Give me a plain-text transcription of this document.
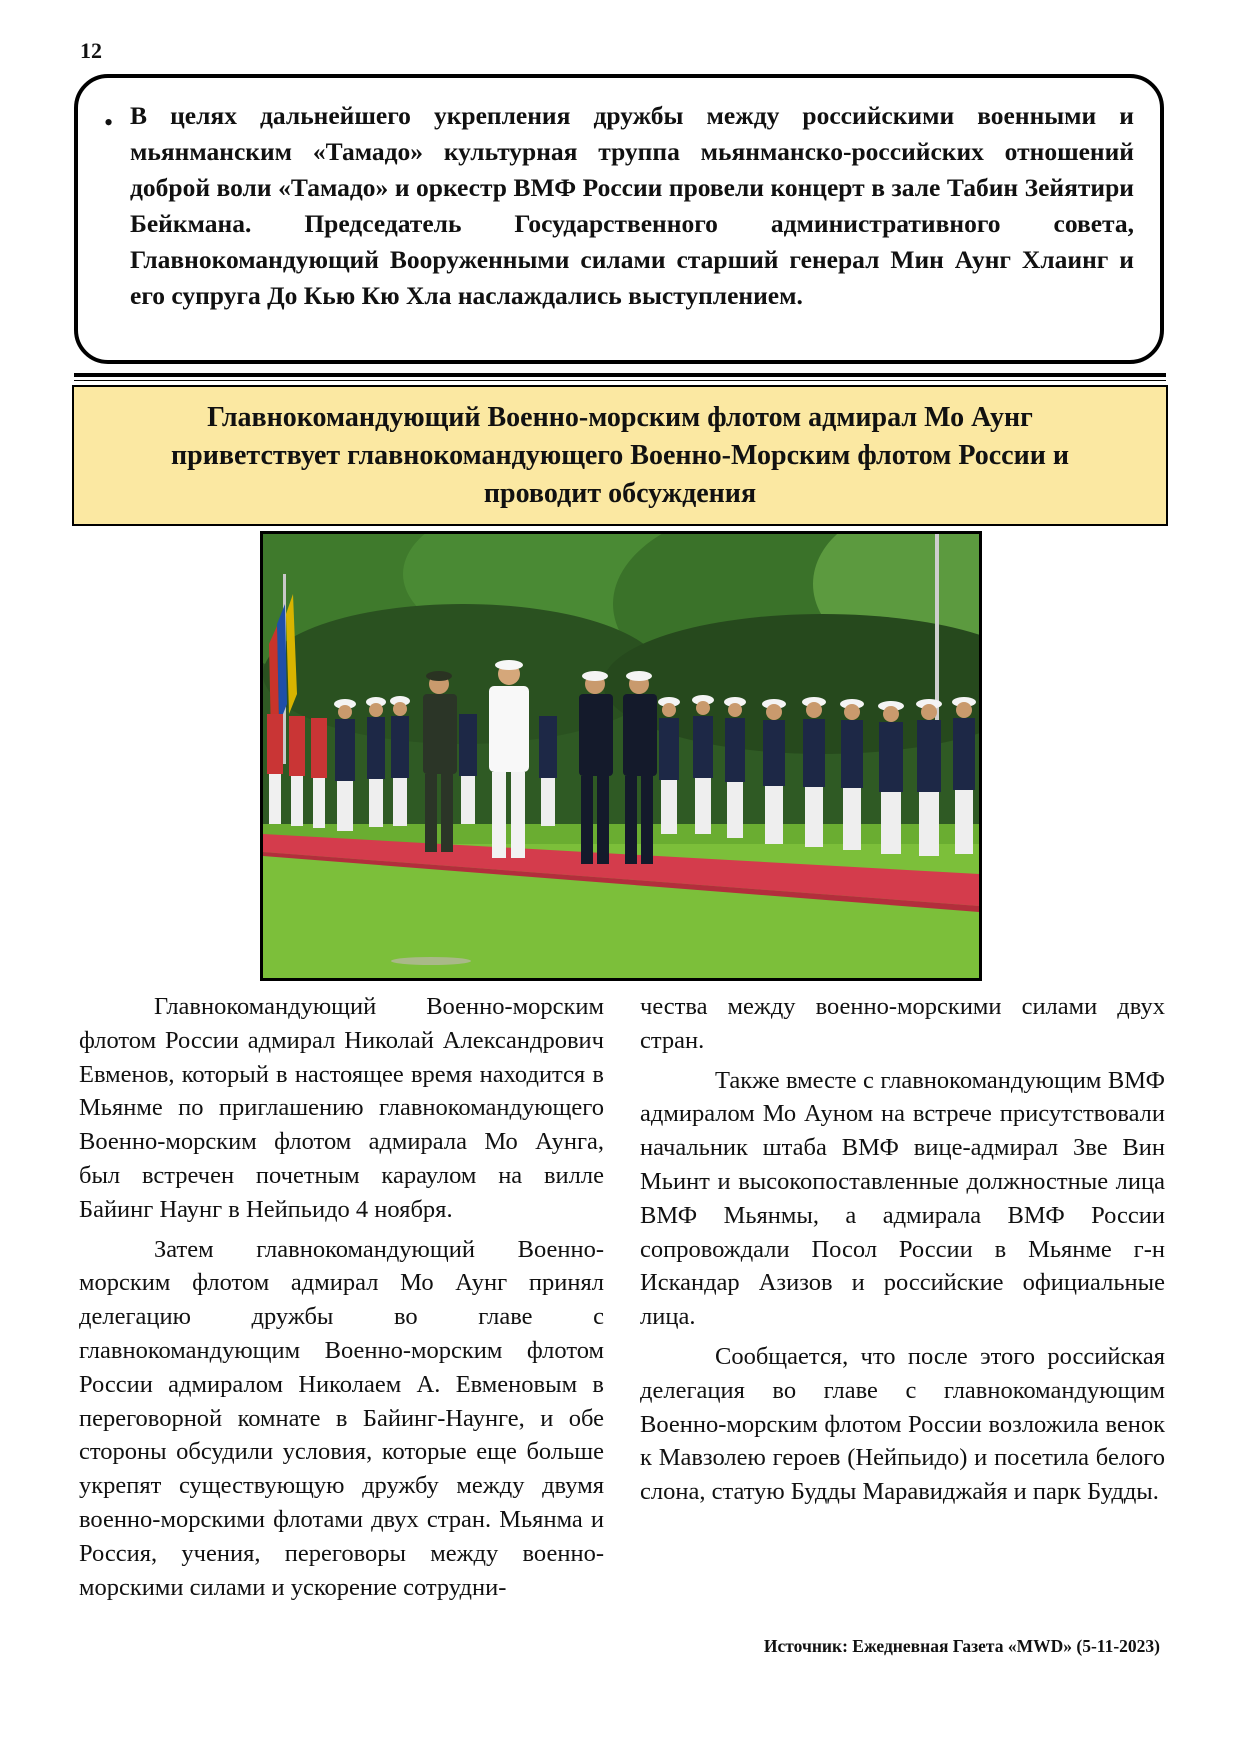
12
• В целях дальнейшего укрепления дружбы между российскими военными и мьянманским «Тамадо» культурная труппа мьянманско-российских отношений доброй воли «Тамадо» и оркестр ВМФ России провели концерт в зале Табин Зейятири Бейкмана. Председатель Государственного административного совета, Главнокомандующий Вооруженными силами старший генерал Мин Аунг Хлаинг и его супруга До Кью Кю Хла наслаждались выступлением.

Главнокомандующий Военно-морским флотом адмирал Мо Аунг приветствует главнокомандующего Военно-Морским флотом России и проводит обсуждения

Главнокомандующий Военно-морским флотом России адмирал Николай Александрович Евменов, который в настоящее время находится в Мьянме по приглашению главнокомандующего Военно-морским флотом адмирала Мо Аунга, был встречен почетным караулом на вилле Байинг Наунг в Нейпьидо 4 ноября.

Затем главнокомандующий Военно-морским флотом адмирал Мо Аунг принял делегацию дружбы во главе с главнокомандующим Военно-морским флотом России адмиралом Николаем А. Евменовым в переговорной комнате в Байинг-Наунге, и обе стороны обсудили условия, которые еще больше укрепят существующую дружбу между двумя военно-морскими флотами двух стран. Мьянма и Россия, учения, переговоры между военно-морскими силами и ускорение сотрудни-

чества между военно-морскими силами двух стран.

Также вместе с главнокомандующим ВМФ адмиралом Мо Ауном на встрече присутствовали начальник штаба ВМФ вице-адмирал Зве Вин Мьинт и высокопоставленные должностные лица ВМФ Мьянмы, а адмирала ВМФ России сопровождали Посол России в Мьянме г-н Искандар Азизов и российские официальные лица.

Сообщается, что после этого российская делегация во главе с главнокомандующим Военно-морским флотом России возложила венок к Мавзолею героев (Нейпьидо) и посетила белого слона, статую Будды Маравиджайя и парк Будды.

Источник: Ежедневная Газета «MWD» (5-11-2023)
